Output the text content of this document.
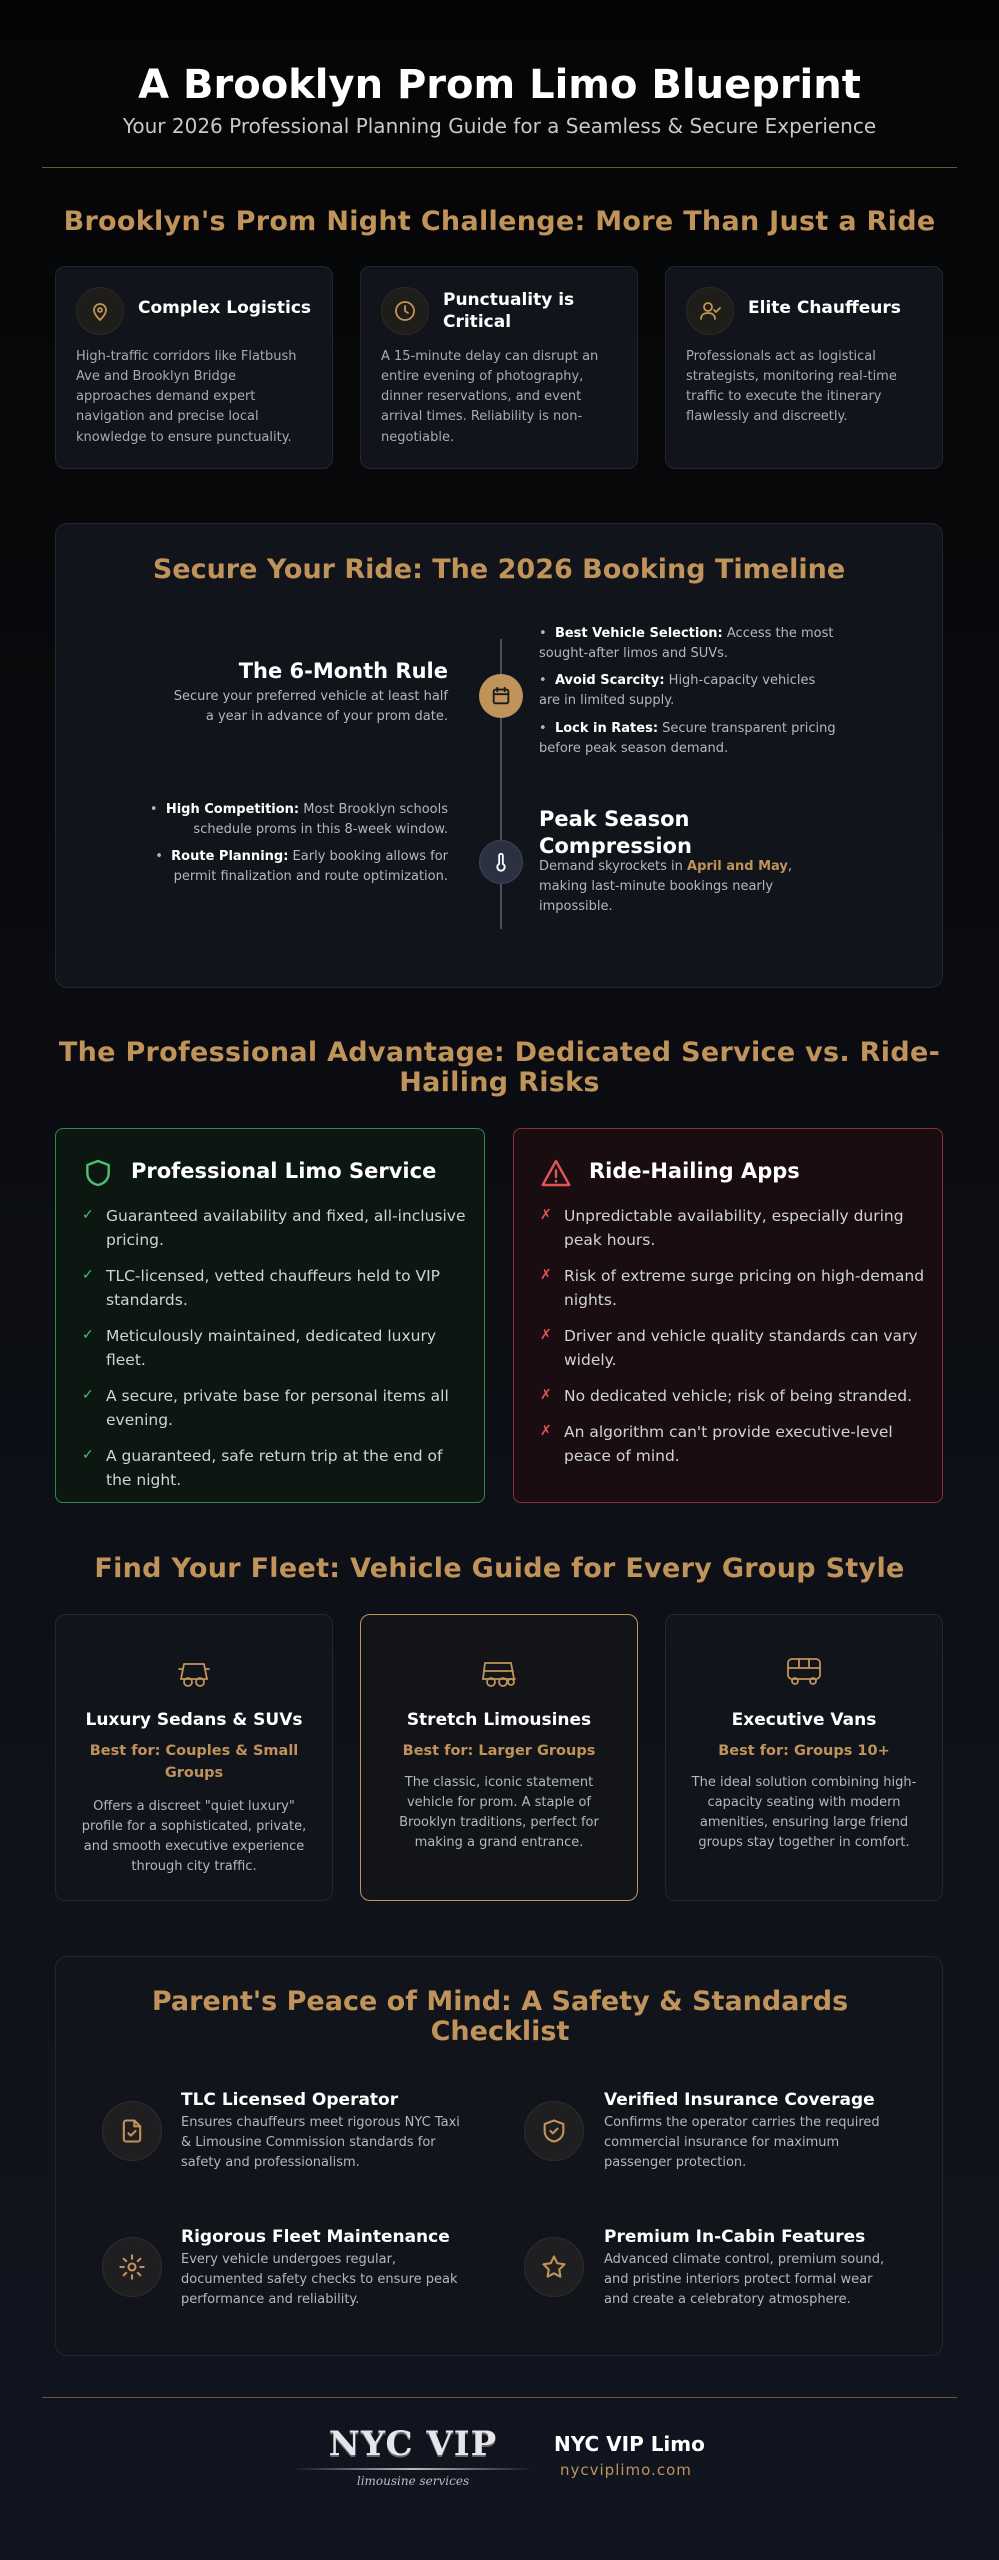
A Brooklyn Prom Limo Blueprint
Your 2026 Professional Planning Guide for a Seamless & Secure Experience
Brooklyn's Prom Night Challenge: More Than Just a Ride
Complex Logistics
High-traffic corridors like Flatbush Ave and Brooklyn Bridge approaches demand expert navigation and precise local knowledge to ensure punctuality.
Punctuality is Critical
A 15-minute delay can disrupt an entire evening of photography, dinner reservations, and event arrival times. Reliability is non-negotiable.
Elite Chauffeurs
Professionals act as logistical strategists, monitoring real-time traffic to execute the itinerary flawlessly and discreetly.
Secure Your Ride: The 2026 Booking Timeline
The 6-Month Rule
Secure your preferred vehicle at least half a year in advance of your prom date.
•  Best Vehicle Selection: Access the most sought-after limos and SUVs.
•  Avoid Scarcity: High-capacity vehicles are in limited supply.
•  Lock in Rates: Secure transparent pricing before peak season demand.
•  High Competition: Most Brooklyn schools schedule proms in this 8-week window.
•  Route Planning: Early booking allows for permit finalization and route optimization.
Peak Season Compression
Demand skyrockets in April and May, making last-minute bookings nearly impossible.
The Professional Advantage: Dedicated Service vs. Ride-Hailing Risks
Professional Limo Service
✓ Guaranteed availability and fixed, all-inclusive pricing.
✓ TLC-licensed, vetted chauffeurs held to VIP standards.
✓ Meticulously maintained, dedicated luxury fleet.
✓ A secure, private base for personal items all evening.
✓ A guaranteed, safe return trip at the end of the night.
Ride-Hailing Apps
✗ Unpredictable availability, especially during peak hours.
✗ Risk of extreme surge pricing on high-demand nights.
✗ Driver and vehicle quality standards can vary widely.
✗ No dedicated vehicle; risk of being stranded.
✗ An algorithm can't provide executive-level peace of mind.
Find Your Fleet: Vehicle Guide for Every Group Style
Luxury Sedans & SUVs
Best for: Couples & Small Groups
Offers a discreet "quiet luxury" profile for a sophisticated, private, and smooth executive experience through city traffic.
Stretch Limousines
Best for: Larger Groups
The classic, iconic statement vehicle for prom. A staple of Brooklyn traditions, perfect for making a grand entrance.
Executive Vans
Best for: Groups 10+
The ideal solution combining high-capacity seating with modern amenities, ensuring large friend groups stay together in comfort.
Parent's Peace of Mind: A Safety & Standards Checklist
TLC Licensed Operator
Ensures chauffeurs meet rigorous NYC Taxi & Limousine Commission standards for safety and professionalism.
Verified Insurance Coverage
Confirms the operator carries the required commercial insurance for maximum passenger protection.
Rigorous Fleet Maintenance
Every vehicle undergoes regular, documented safety checks to ensure peak performance and reliability.
Premium In-Cabin Features
Advanced climate control, premium sound, and pristine interiors protect formal wear and create a celebratory atmosphere.
NYC VIP
limousine services
NYC VIP Limo
nycviplimo.com
